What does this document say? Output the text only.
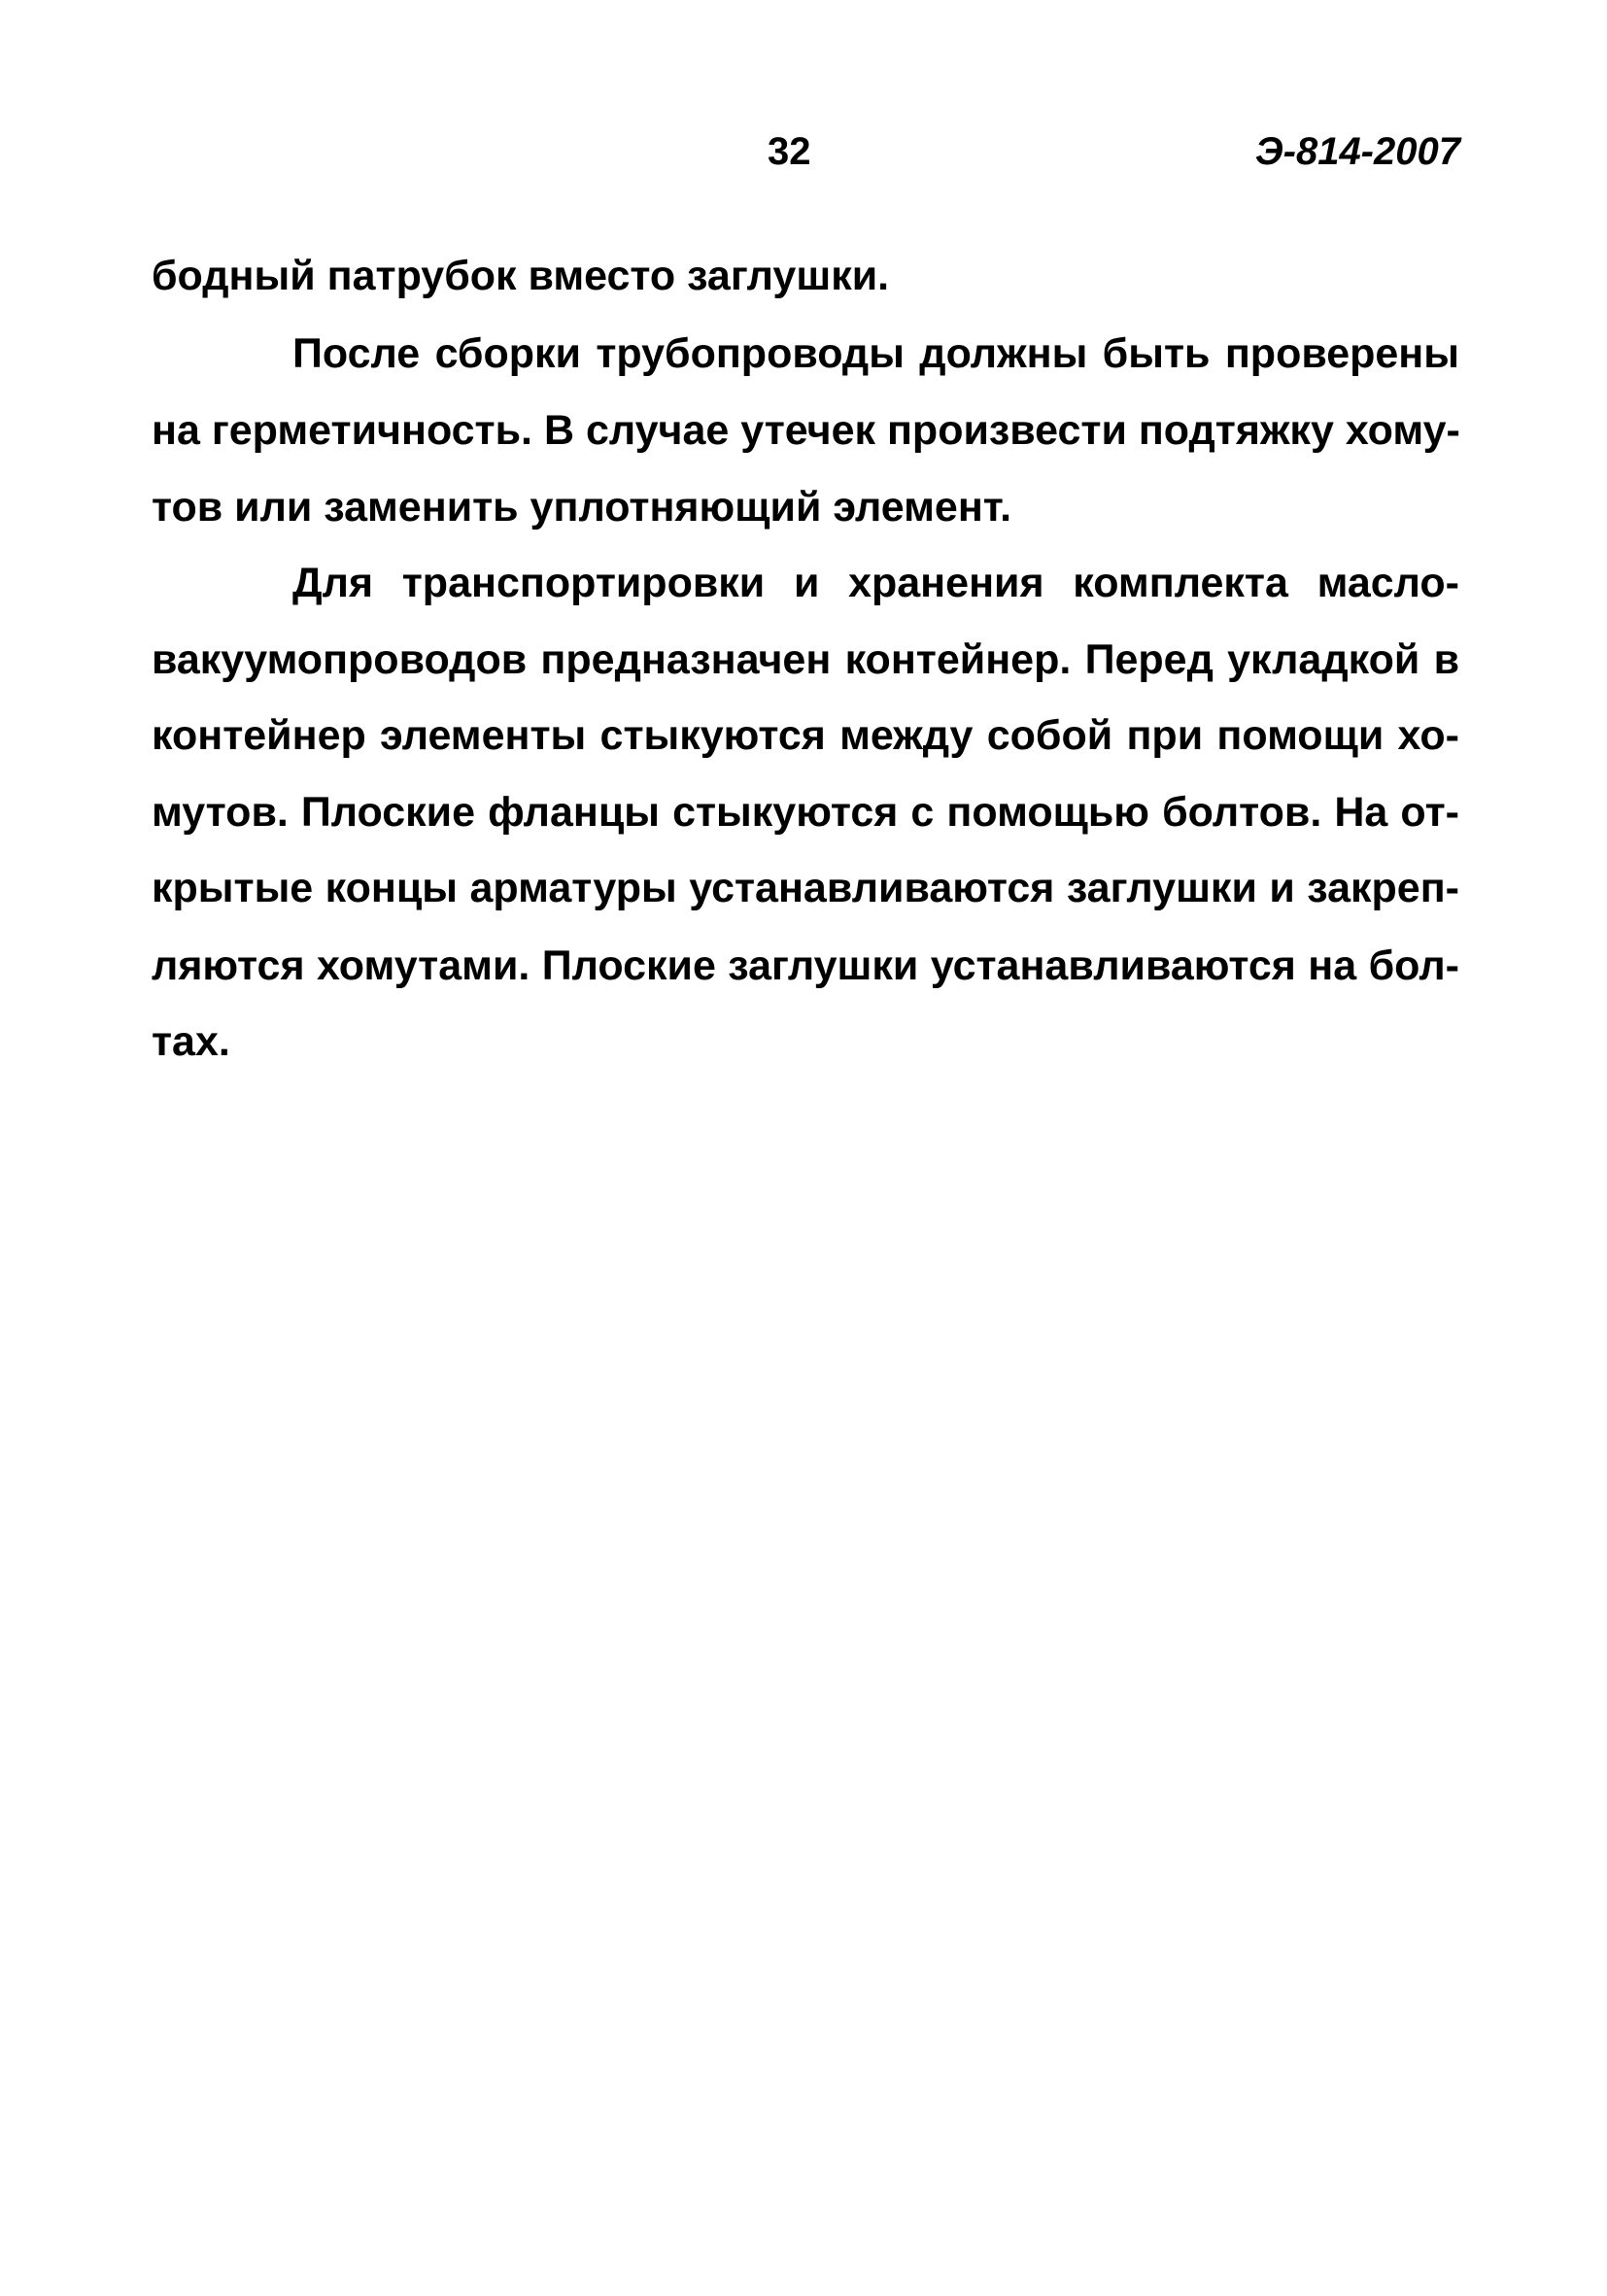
32	Э-814-2007
бодный патрубок вместо заглушки.
После сборки трубопроводы должны быть проверены
на герметичность. В случае утечек произвести подтяжку хому-
тов или заменить уплотняющий элемент.
Для транспортировки и хранения комплекта масло-
вакуумопроводов предназначен контейнер. Перед укладкой в
контейнер элементы стыкуются между собой при помощи хо-
мутов. Плоские фланцы стыкуются с помощью болтов. На от-
крытые концы арматуры устанавливаются заглушки и закреп-
ляются хомутами. Плоские заглушки устанавливаются на бол-
тах.
